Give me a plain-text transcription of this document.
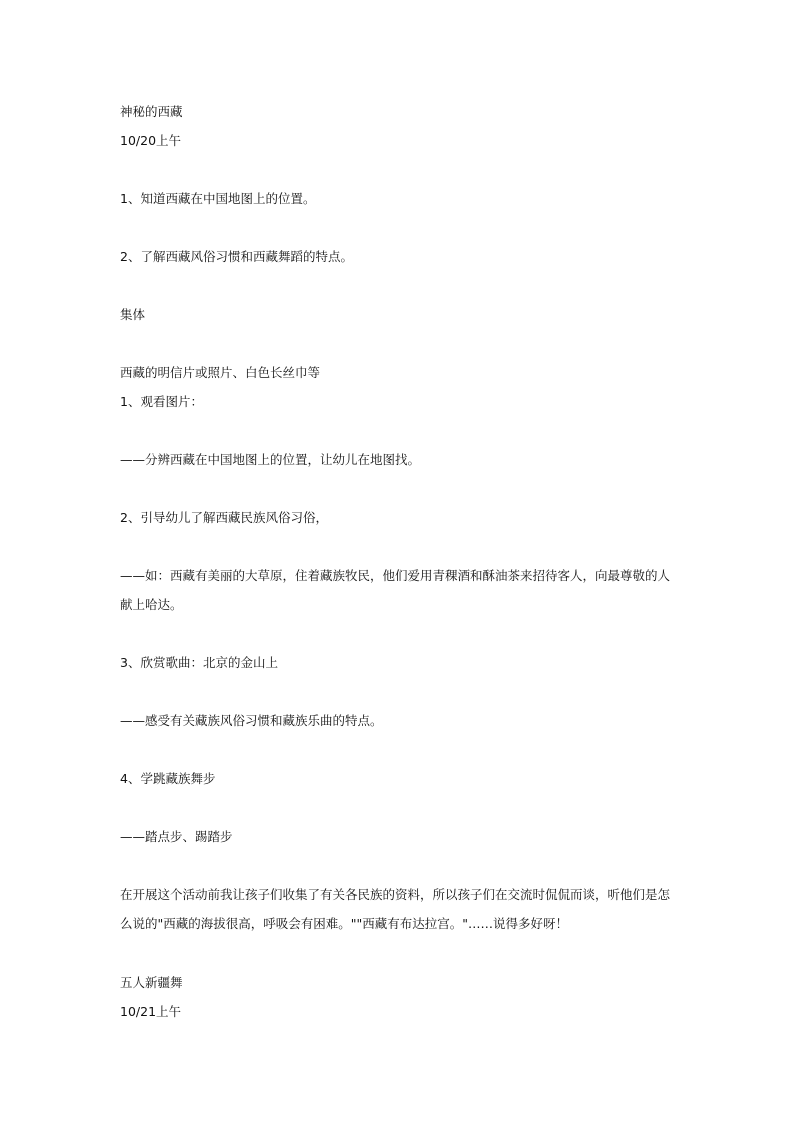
神秘的西藏
10/20上午
1、知道西藏在中国地图上的位置。
2、了解西藏风俗习惯和西藏舞蹈的特点。
集体
西藏的明信片或照片、白色长丝巾等
1、观看图片：
——分辨西藏在中国地图上的位置，让幼儿在地图找。
2、引导幼儿了解西藏民族风俗习俗，
——如：西藏有美丽的大草原，住着藏族牧民，他们爱用青稞酒和酥油茶来招待客人，向最尊敬的人献上哈达。
3、欣赏歌曲：北京的金山上
——感受有关藏族风俗习惯和藏族乐曲的特点。
4、学跳藏族舞步
——踏点步、踢踏步
在开展这个活动前我让孩子们收集了有关各民族的资料，所以孩子们在交流时侃侃而谈，听他们是怎么说的"西藏的海拔很高，呼吸会有困难。""西藏有布达拉宫。"……说得多好呀！
五人新疆舞
10/21上午
